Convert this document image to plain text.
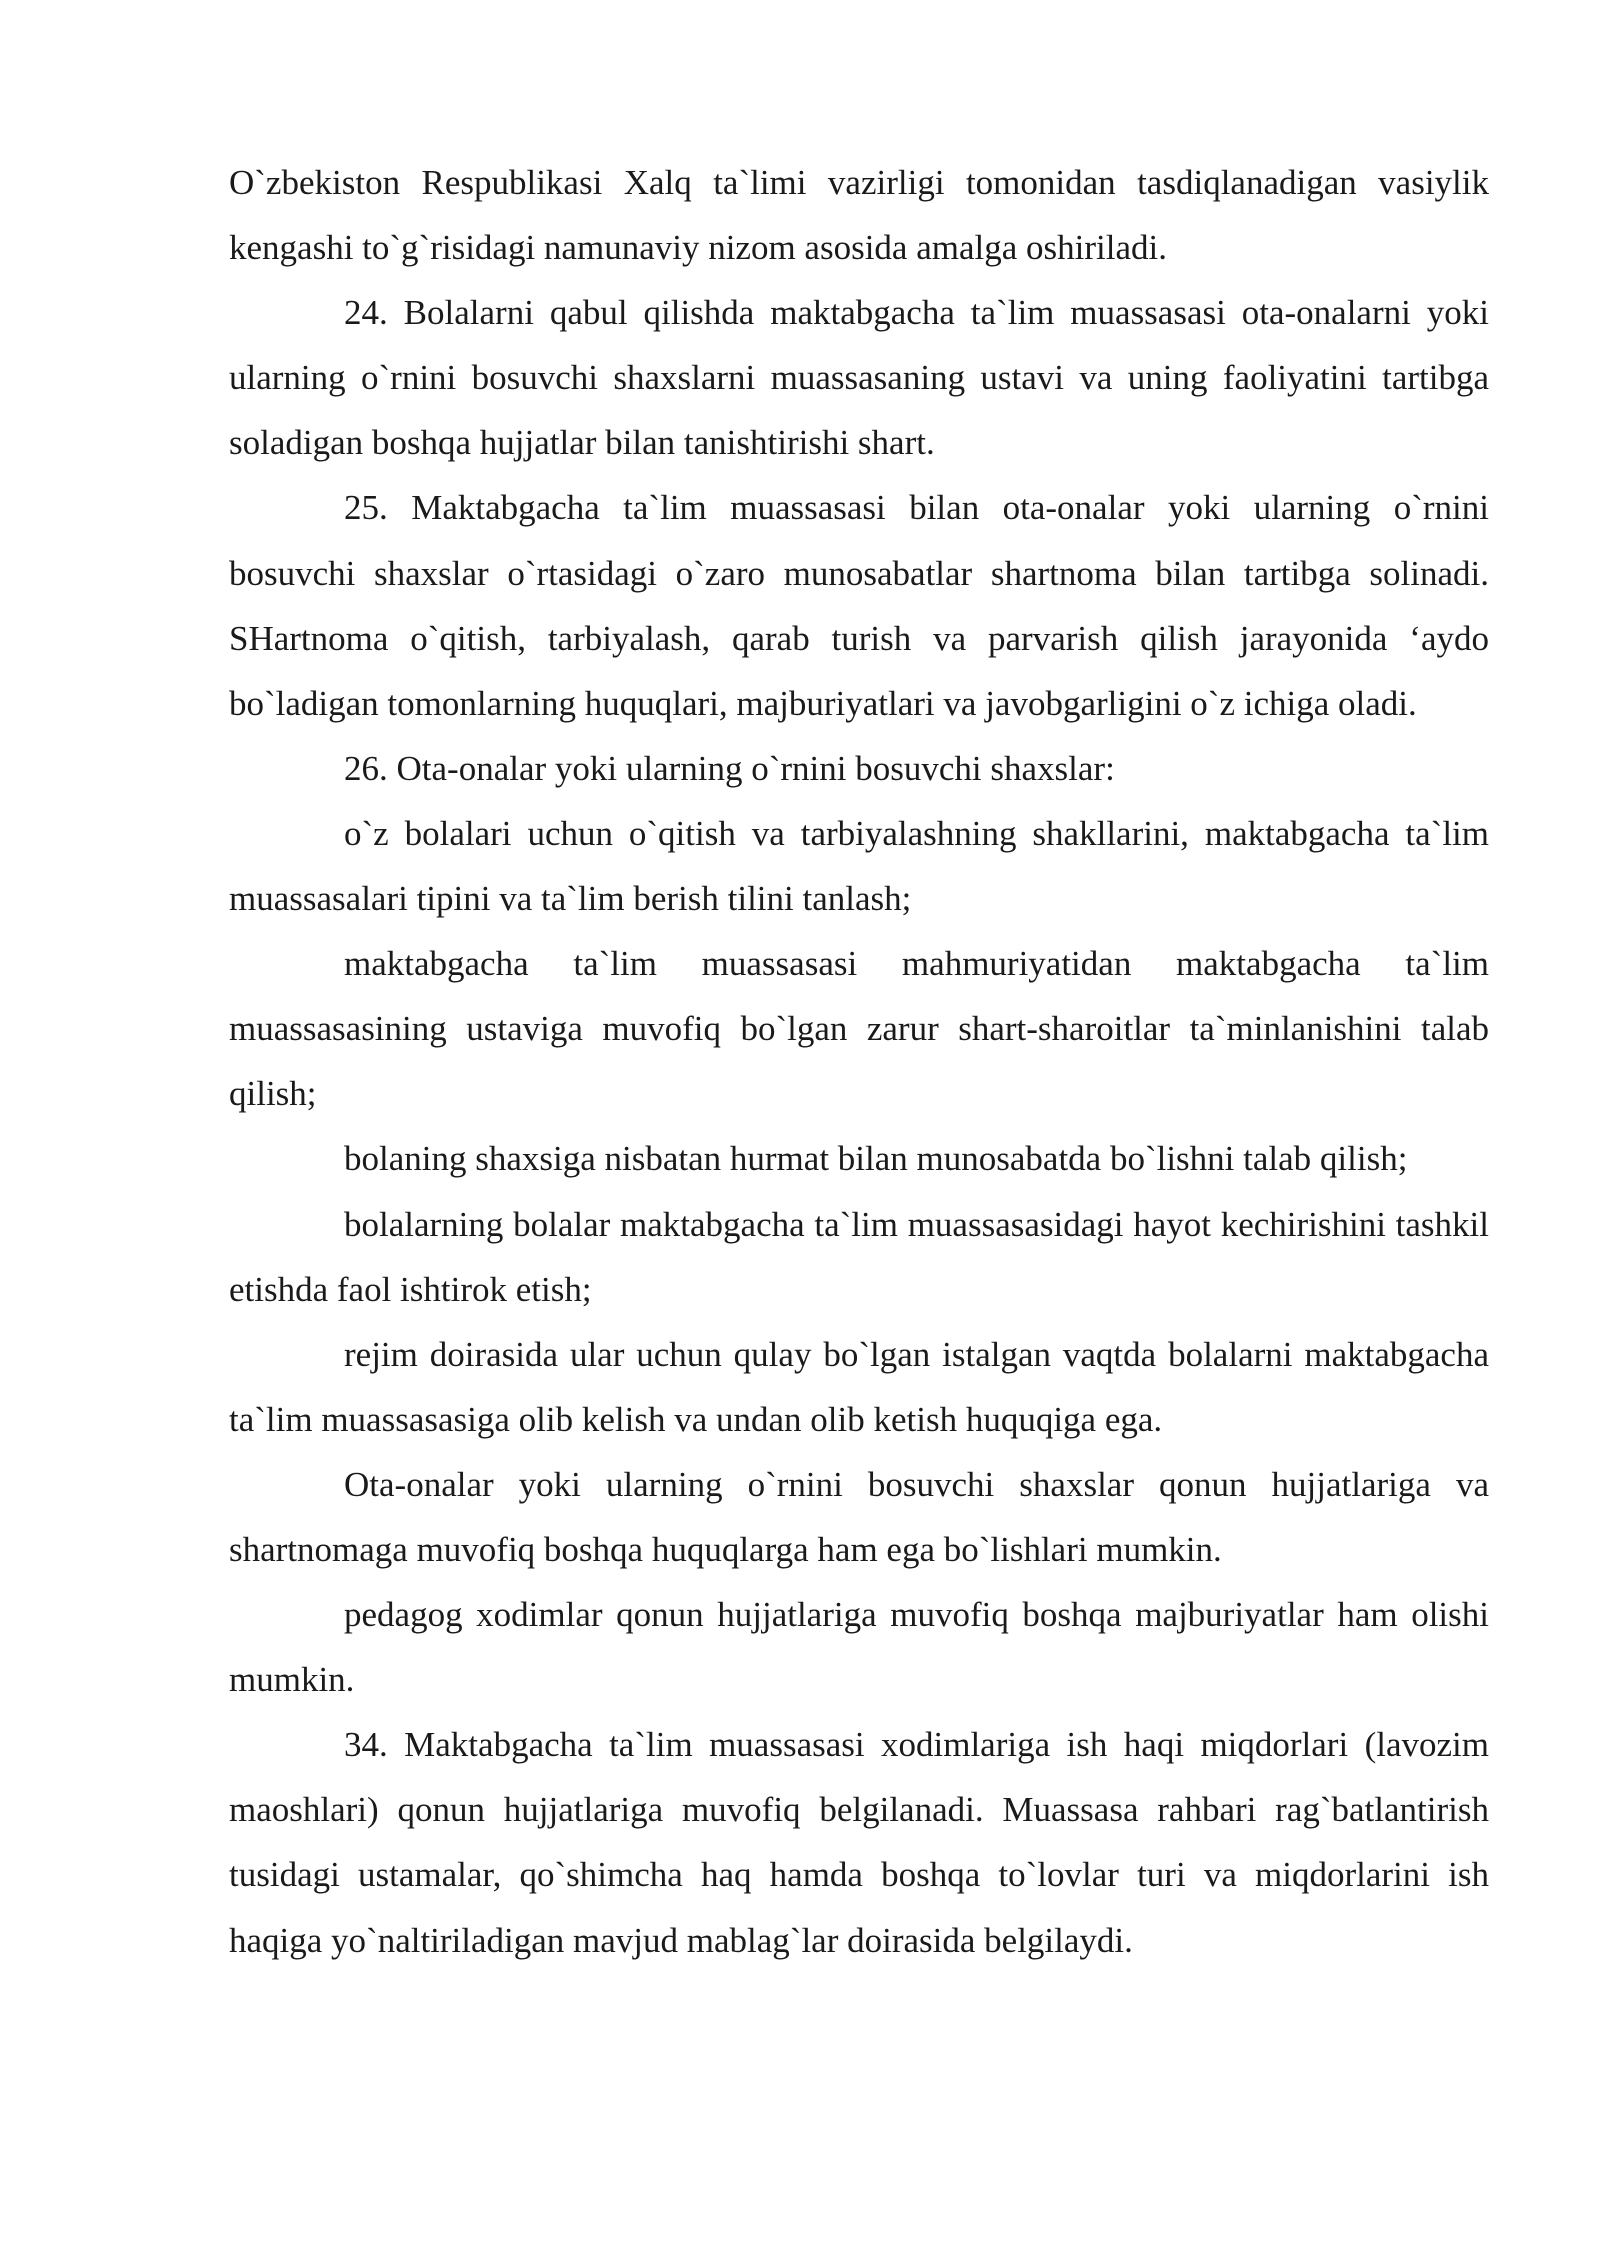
O`zbekiston Respublikasi Xalq ta`limi vazirligi tomonidan tasdiqlanadigan vasiylik kengashi to`g`risidagi namunaviy nizom asosida amalga oshiriladi.

24. Bolalarni qabul qilishda maktabgacha ta`lim muassasasi ota-onalarni yoki ularning o`rnini bosuvchi shaxslarni muassasaning ustavi va uning faoliyatini tartibga soladigan boshqa hujjatlar bilan tanishtirishi shart.

25. Maktabgacha ta`lim muassasasi bilan ota-onalar yoki ularning o`rnini bosuvchi shaxslar o`rtasidagi o`zaro munosabatlar shartnoma bilan tartibga solinadi. SHartnoma o`qitish, tarbiyalash, qarab turish va parvarish qilish jarayonida ‘aydo bo`ladigan tomonlarning huquqlari, majburiyatlari va javobgarligini o`z ichiga oladi.

26. Ota-onalar yoki ularning o`rnini bosuvchi shaxslar:

o`z bolalari uchun o`qitish va tarbiyalashning shakllarini, maktabgacha ta`lim muassasalari tipini va ta`lim berish tilini tanlash;

maktabgacha ta`lim muassasasi mahmuriyatidan maktabgacha ta`lim muassasasining ustaviga muvofiq bo`lgan zarur shart-sharoitlar ta`minlanishini talab qilish;

bolaning shaxsiga nisbatan hurmat bilan munosabatda bo`lishni talab qilish;

bolalarning bolalar maktabgacha ta`lim muassasasidagi hayot kechirishini tashkil etishda faol ishtirok etish;

rejim doirasida ular uchun qulay bo`lgan istalgan vaqtda bolalarni maktabgacha ta`lim muassasasiga olib kelish va undan olib ketish huquqiga ega.

Ota-onalar yoki ularning o`rnini bosuvchi shaxslar qonun hujjatlariga va shartnomaga muvofiq boshqa huquqlarga ham ega bo`lishlari mumkin.

pedagog xodimlar qonun hujjatlariga muvofiq boshqa majburiyatlar ham olishi mumkin.

34. Maktabgacha ta`lim muassasasi xodimlariga ish haqi miqdorlari (lavozim maoshlari) qonun hujjatlariga muvofiq belgilanadi. Muassasa rahbari rag`batlantirish tusidagi ustamalar, qo`shimcha haq hamda boshqa to`lovlar turi va miqdorlarini ish haqiga yo`naltiriladigan mavjud mablag`lar doirasida belgilaydi.
